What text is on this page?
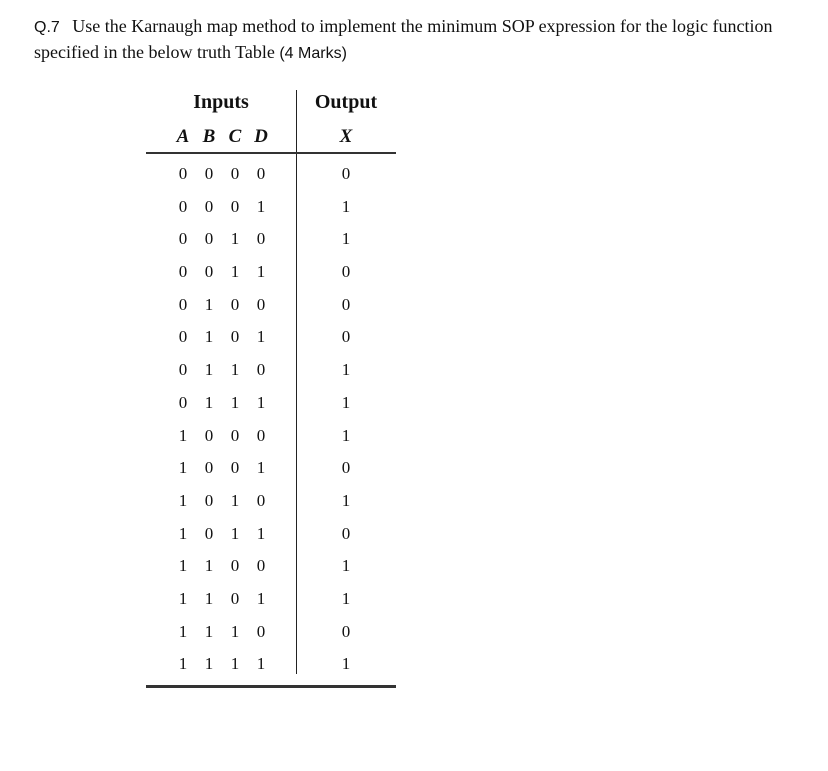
Q.7 Use the Karnaugh map method to implement the minimum SOP expression for the logic function specified in the below truth Table (4 Marks)
Inputs	Output
A B C D	X
0	0	0	0	0
0	0	0	1	1
0	0	1	0	1
0	0	1	1	0
0	1	0	0	0
0	1	0	1	0
0	1	1	0	1
0	1	1	1	1
1	0	0	0	1
1	0	0	1	0
1	0	1	0	1
1	0	1	1	0
1	1	0	0	1
1	1	0	1	1
1	1	1	0	0
1	1	1	1	1
